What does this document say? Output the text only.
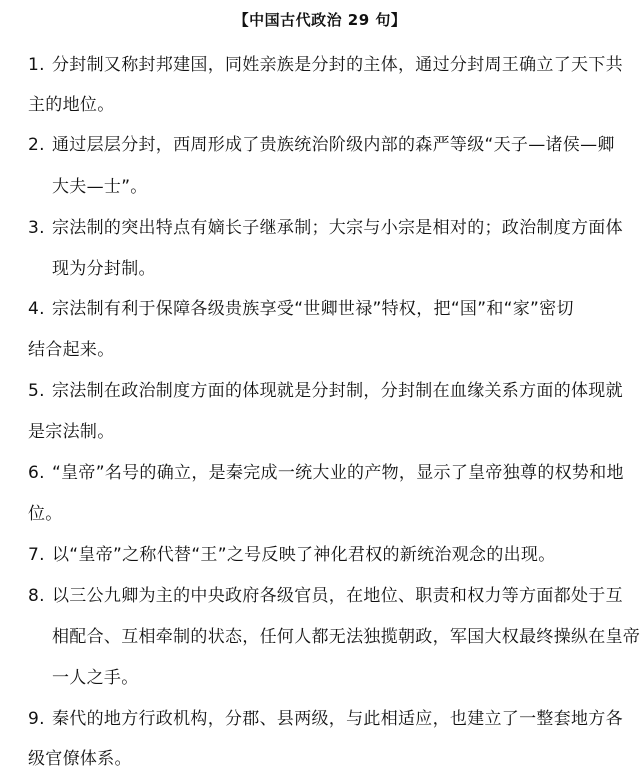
【中国古代政治 29 句】
1. 分封制又称封邦建国，同姓亲族是分封的主体，通过分封周王确立了天下共
主的地位。
2. 通过层层分封，西周形成了贵族统治阶级内部的森严等级“天子—诸侯—卿
大夫—士”。
3. 宗法制的突出特点有嫡长子继承制；大宗与小宗是相对的；政治制度方面体
现为分封制。
4. 宗法制有利于保障各级贵族享受“世卿世禄”特权，把“国”和“家”密切
结合起来。
5. 宗法制在政治制度方面的体现就是分封制，分封制在血缘关系方面的体现就
是宗法制。
6. “皇帝”名号的确立，是秦完成一统大业的产物，显示了皇帝独尊的权势和地
位。
7. 以“皇帝”之称代替“王”之号反映了神化君权的新统治观念的出现。
8. 以三公九卿为主的中央政府各级官员，在地位、职责和权力等方面都处于互
相配合、互相牵制的状态，任何人都无法独揽朝政，军国大权最终操纵在皇帝
一人之手。
9. 秦代的地方行政机构，分郡、县两级，与此相适应，也建立了一整套地方各
级官僚体系。
